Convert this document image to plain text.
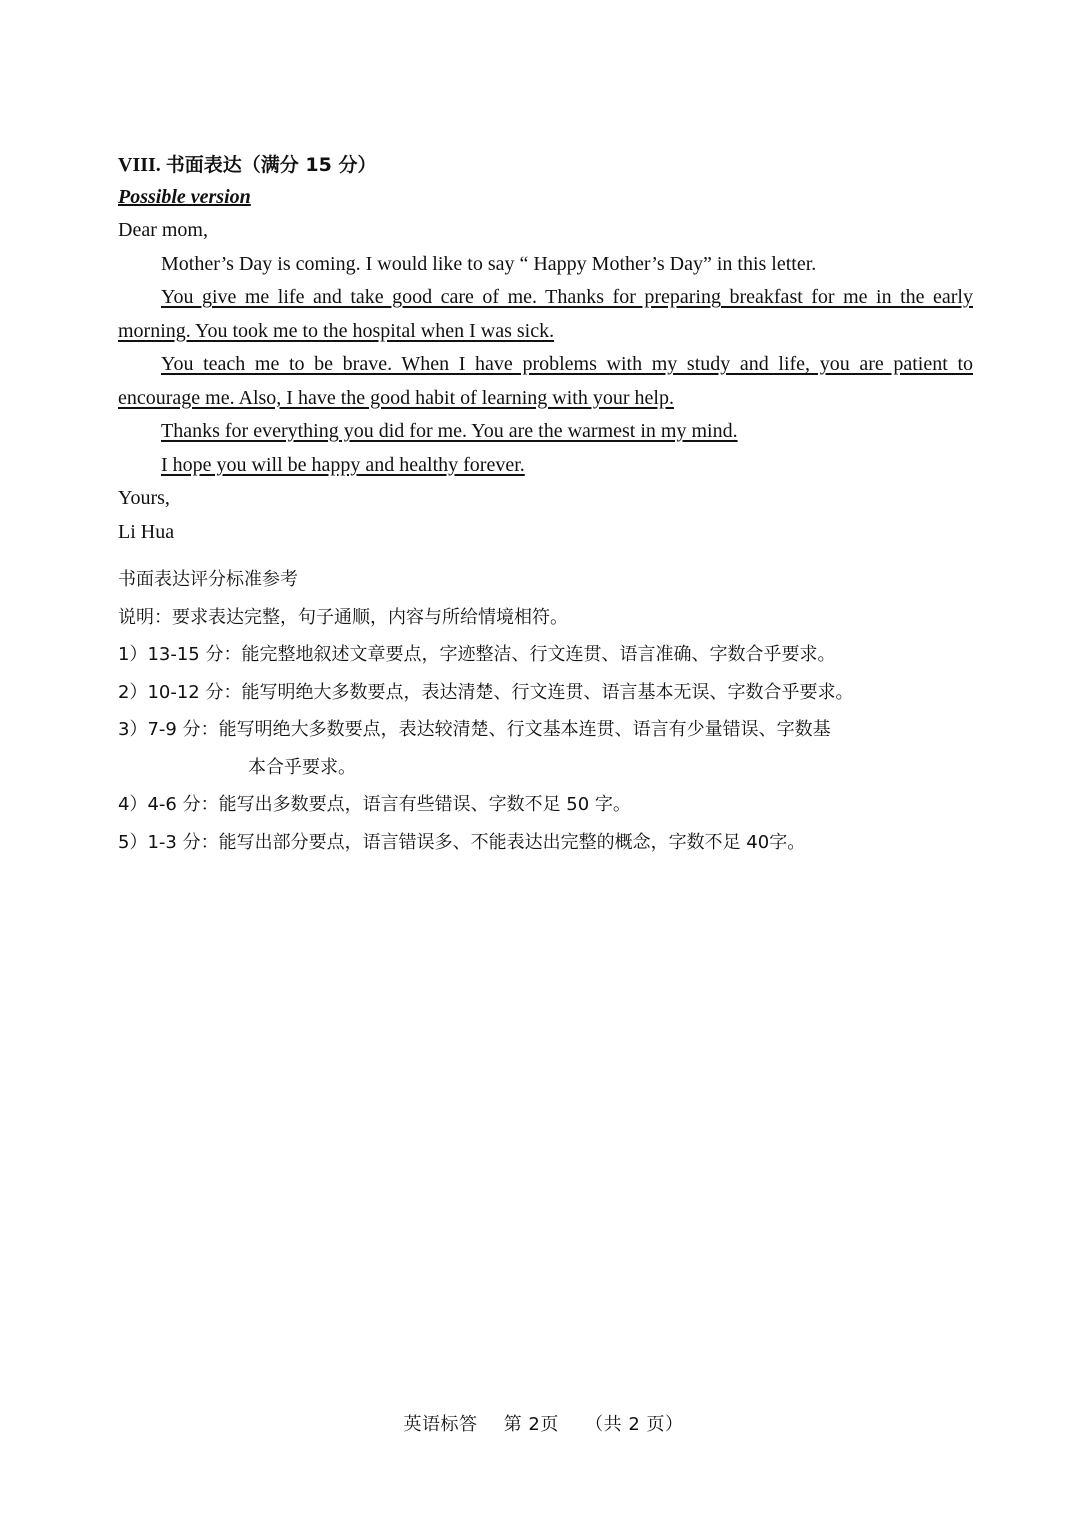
VIII. 书面表达（满分 15 分）

Possible version

Dear mom,

Mother’s Day is coming. I would like to say “ Happy Mother’s Day” in this letter.

You give me life and take good care of me. Thanks for preparing breakfast for me in the early morning. You took me to the hospital when I was sick.

You teach me to be brave. When I have problems with my study and life, you are patient to encourage me. Also, I have the good habit of learning with your help.

Thanks for everything you did for me. You are the warmest in my mind.

I hope you will be happy and healthy forever.

Yours,

Li Hua

书面表达评分标准参考

说明：要求表达完整，句子通顺，内容与所给情境相符。

1）13-15 分：能完整地叙述文章要点，字迹整洁、行文连贯、语言准确、字数合乎要求。

2）10-12 分：能写明绝大多数要点，表达清楚、行文连贯、语言基本无误、字数合乎要求。

3）7-9 分：能写明绝大多数要点，表达较清楚、行文基本连贯、语言有少量错误、字数基

本合乎要求。

4）4-6 分：能写出多数要点，语言有些错误、字数不足 50 字。

5）1-3 分：能写出部分要点，语言错误多、不能表达出完整的概念，字数不足 40字。

英语标答 第 2页 （共 2 页）
